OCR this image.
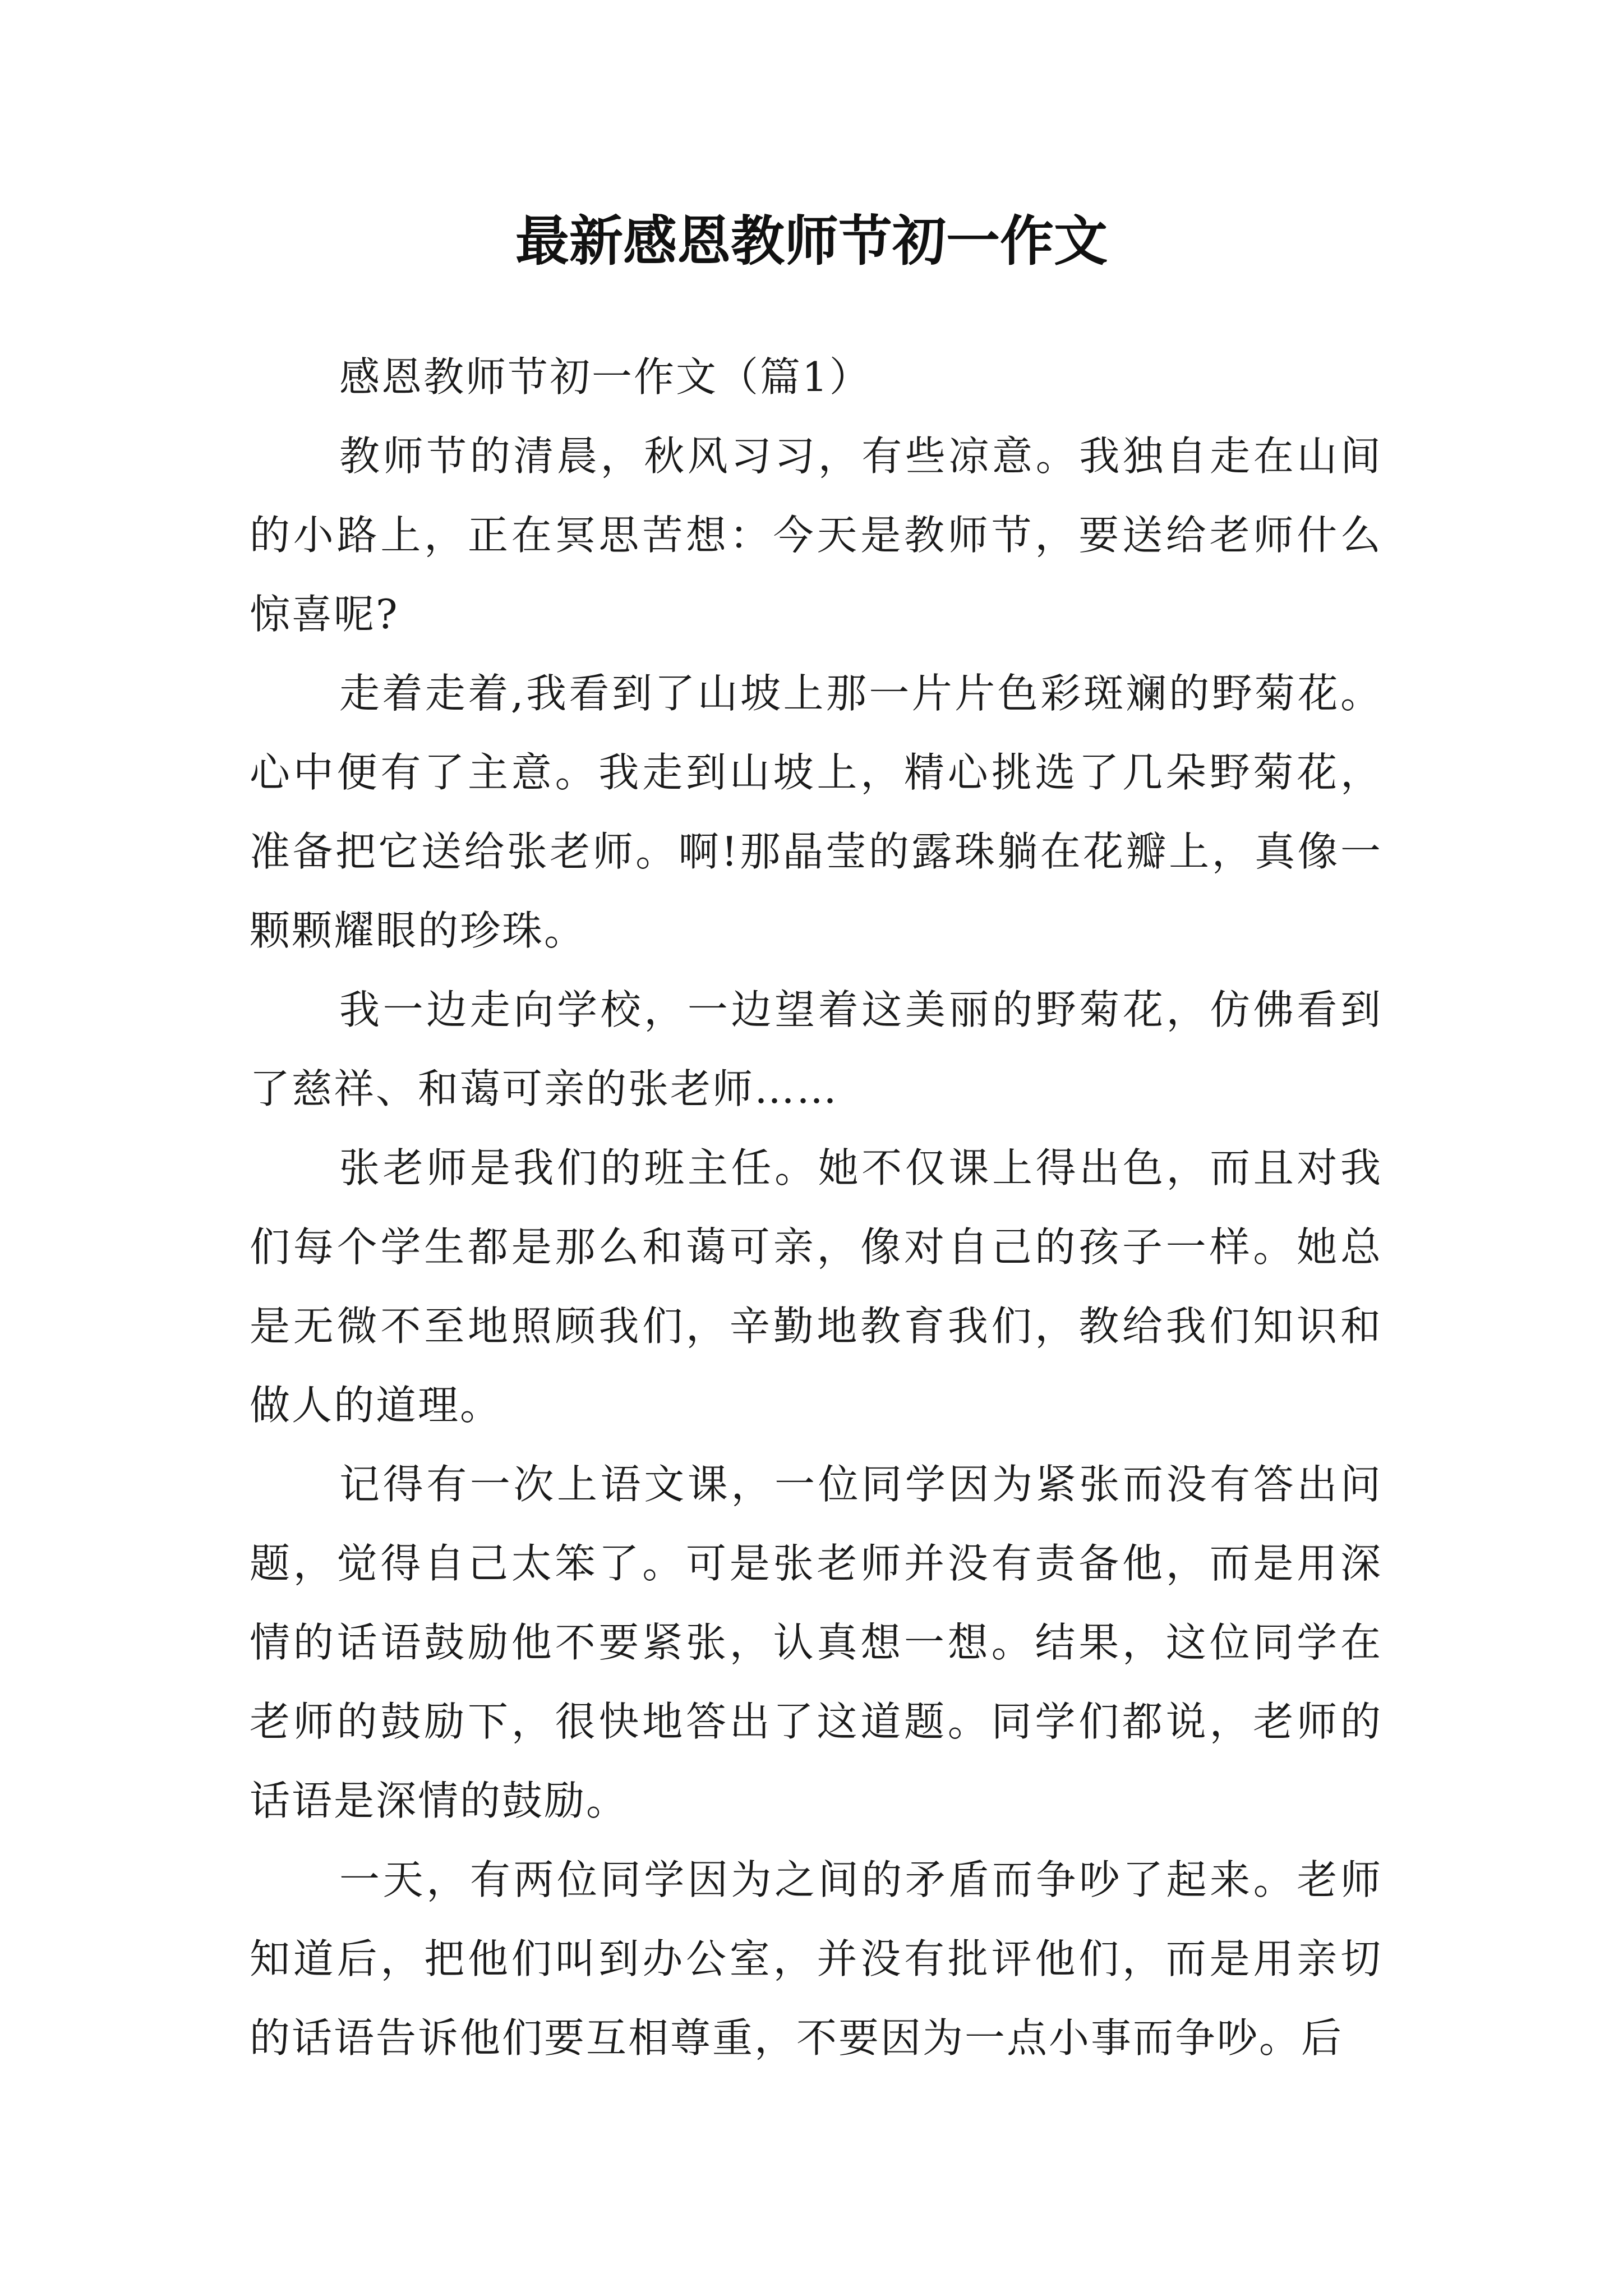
最新感恩教师节初一作文

感恩教师节初一作文（篇1）

教师节的清晨，秋风习习，有些凉意。我独自走在山间的小路上，正在冥思苦想：今天是教师节，要送给老师什么惊喜呢?

走着走着,我看到了山坡上那一片片色彩斑斓的野菊花。心中便有了主意。我走到山坡上，精心挑选了几朵野菊花，准备把它送给张老师。啊!那晶莹的露珠躺在花瓣上，真像一颗颗耀眼的珍珠。

我一边走向学校，一边望着这美丽的野菊花，仿佛看到了慈祥、和蔼可亲的张老师……

张老师是我们的班主任。她不仅课上得出色，而且对我们每个学生都是那么和蔼可亲，像对自己的孩子一样。她总是无微不至地照顾我们，辛勤地教育我们，教给我们知识和做人的道理。

记得有一次上语文课，一位同学因为紧张而没有答出问题，觉得自己太笨了。可是张老师并没有责备他，而是用深情的话语鼓励他不要紧张，认真想一想。结果，这位同学在老师的鼓励下，很快地答出了这道题。同学们都说，老师的话语是深情的鼓励。

一天，有两位同学因为之间的矛盾而争吵了起来。老师知道后，把他们叫到办公室，并没有批评他们，而是用亲切的话语告诉他们要互相尊重，不要因为一点小事而争吵。后
